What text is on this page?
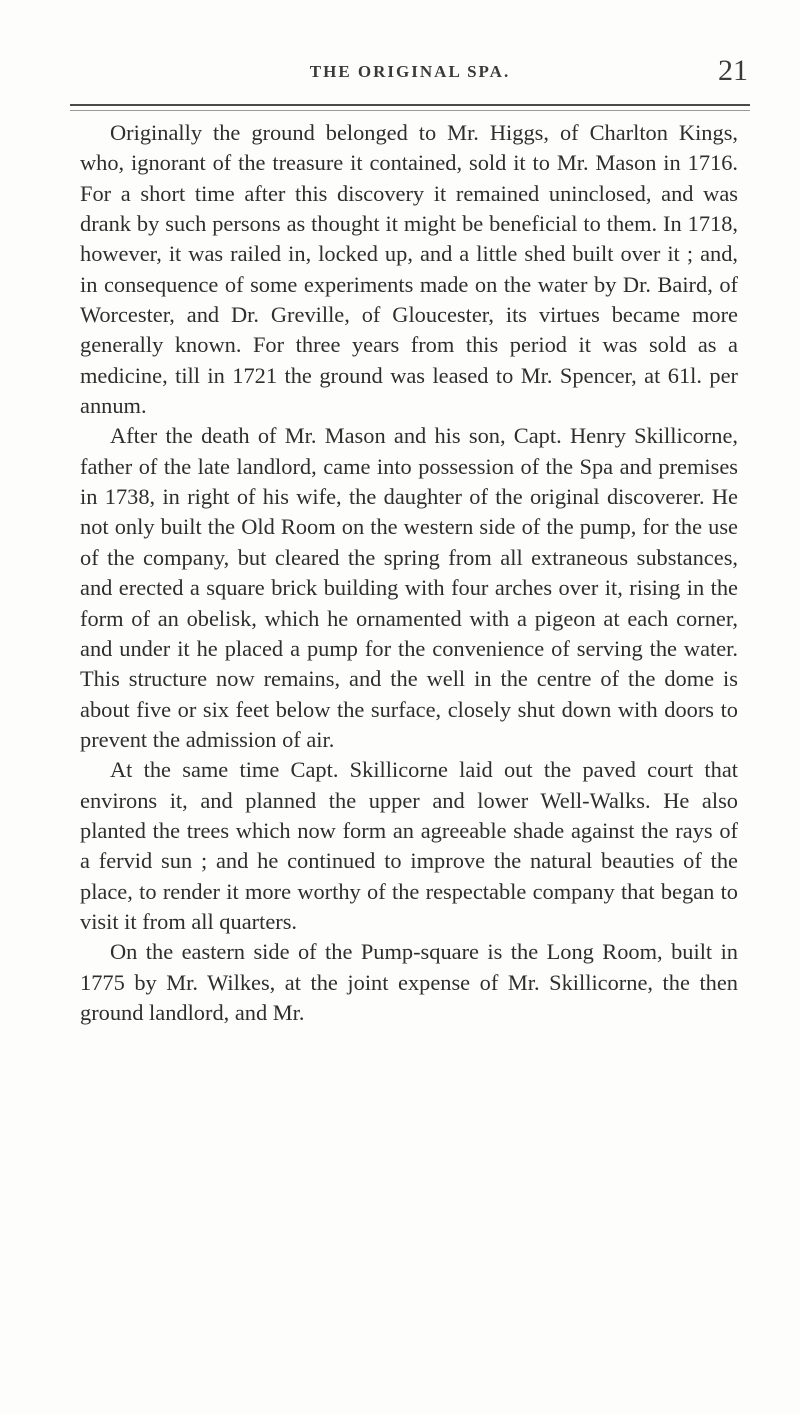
THE ORIGINAL SPA.	21

Originally the ground belonged to Mr. Higgs, of Charlton Kings, who, ignorant of the treasure it contained, sold it to Mr. Mason in 1716. For a short time after this discovery it remained uninclosed, and was drank by such persons as thought it might be beneficial to them. In 1718, however, it was railed in, locked up, and a little shed built over it ; and, in consequence of some experiments made on the water by Dr. Baird, of Worcester, and Dr. Greville, of Gloucester, its virtues became more generally known. For three years from this period it was sold as a medicine, till in 1721 the ground was leased to Mr. Spencer, at 61l. per annum.

After the death of Mr. Mason and his son, Capt. Henry Skillicorne, father of the late landlord, came into possession of the Spa and premises in 1738, in right of his wife, the daughter of the original discoverer. He not only built the Old Room on the western side of the pump, for the use of the company, but cleared the spring from all extraneous substances, and erected a square brick building with four arches over it, rising in the form of an obelisk, which he ornamented with a pigeon at each corner, and under it he placed a pump for the convenience of serving the water. This structure now remains, and the well in the centre of the dome is about five or six feet below the surface, closely shut down with doors to prevent the admission of air.

At the same time Capt. Skillicorne laid out the paved court that environs it, and planned the upper and lower Well-Walks. He also planted the trees which now form an agreeable shade against the rays of a fervid sun ; and he continued to improve the natural beauties of the place, to render it more worthy of the respectable company that began to visit it from all quarters.

On the eastern side of the Pump-square is the Long Room, built in 1775 by Mr. Wilkes, at the joint expense of Mr. Skillicorne, the then ground landlord, and Mr.
